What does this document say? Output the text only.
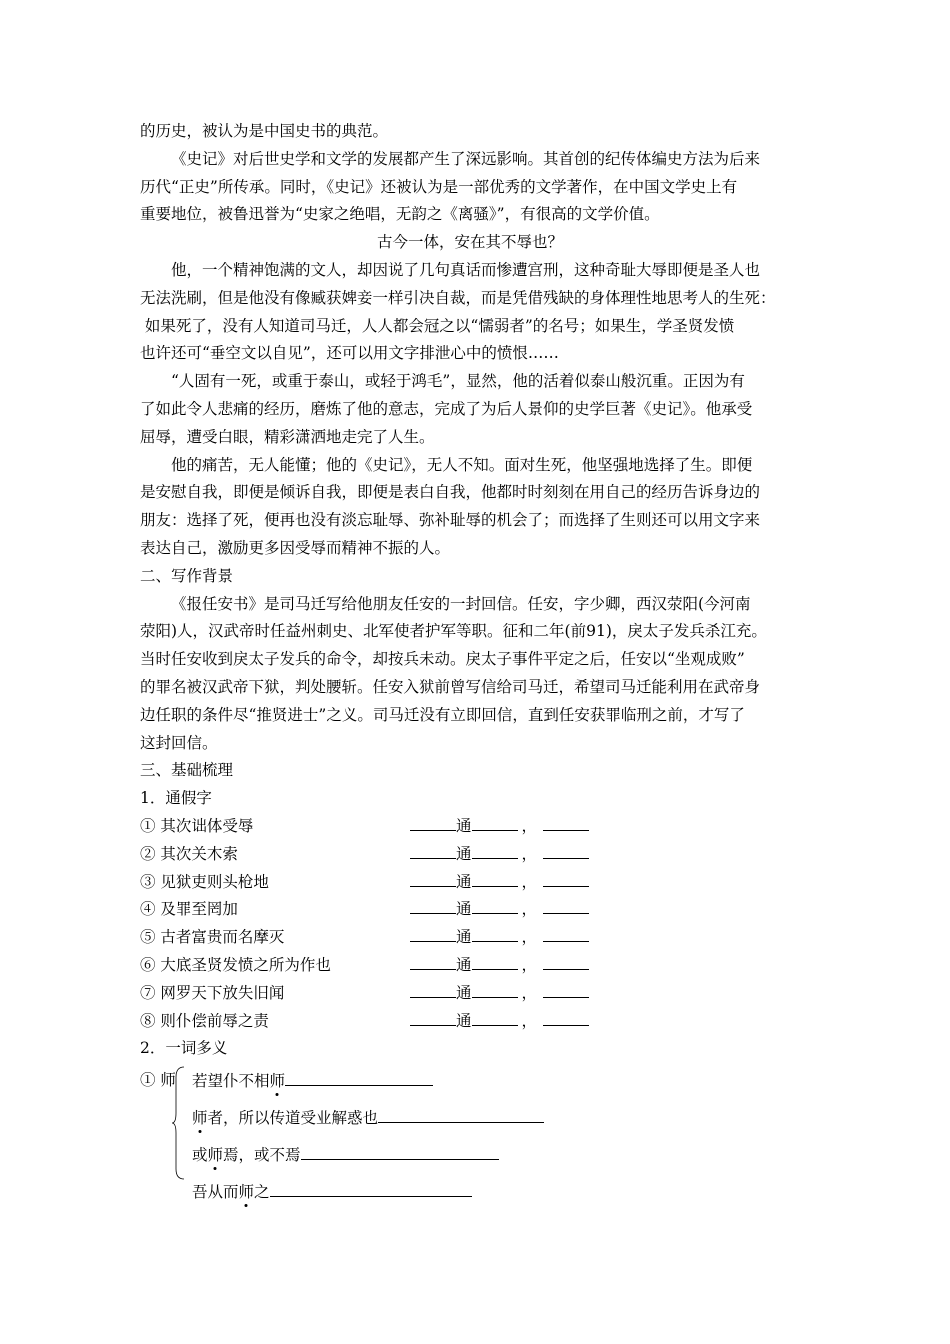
的历史，被认为是中国史书的典范。
《史记》对后世史学和文学的发展都产生了深远影响。其首创的纪传体编史方法为后来
历代“正史”所传承。同时，《史记》还被认为是一部优秀的文学著作，在中国文学史上有
重要地位，被鲁迅誉为“史家之绝唱，无韵之《离骚》”，有很高的文学价值。
古今一体，安在其不辱也？
他，一个精神饱满的文人，却因说了几句真话而惨遭宫刑，这种奇耻大辱即便是圣人也
无法洗刷，但是他没有像臧获婢妾一样引决自裁，而是凭借残缺的身体理性地思考人的生死：
如果死了，没有人知道司马迁，人人都会冠之以“懦弱者”的名号；如果生，学圣贤发愤
也许还可“垂空文以自见”，还可以用文字排泄心中的愤恨……
“人固有一死，或重于泰山，或轻于鸿毛”，显然，他的活着似泰山般沉重。正因为有
了如此令人悲痛的经历，磨炼了他的意志，完成了为后人景仰的史学巨著《史记》。他承受
屈辱，遭受白眼，精彩潇洒地走完了人生。
他的痛苦，无人能懂；他的《史记》，无人不知。面对生死，他坚强地选择了生。即便
是安慰自我，即便是倾诉自我，即便是表白自我，他都时时刻刻在用自己的经历告诉身边的
朋友：选择了死，便再也没有淡忘耻辱、弥补耻辱的机会了；而选择了生则还可以用文字来
表达自己，激励更多因受辱而精神不振的人。
二、写作背景
《报任安书》是司马迁写给他朋友任安的一封回信。任安，字少卿，西汉荥阳(今河南
荥阳)人，汉武帝时任益州刺史、北军使者护军等职。征和二年(前91)，戾太子发兵杀江充。
当时任安收到戾太子发兵的命令，却按兵未动。戾太子事件平定之后，任安以“坐观成败”
的罪名被汉武帝下狱，判处腰斩。任安入狱前曾写信给司马迁，希望司马迁能利用在武帝身
边任职的条件尽“推贤进士”之义。司马迁没有立即回信，直到任安获罪临刑之前，才写了
这封回信。
三、基础梳理
1．通假字
① 其次诎体受辱	通	，
② 其次关木索	通	，
③ 见狱吏则头枪地	通	，
④ 及罪至罔加	通	，
⑤ 古者富贵而名摩灭	通	，
⑥ 大底圣贤发愤之所为作也	通	，
⑦ 网罗天下放失旧闻	通	，
⑧ 则仆偿前辱之责	通	，
2．一词多义
① 师 若望仆不相师
师者，所以传道受业解惑也
或师焉，或不焉
吾从而师之
